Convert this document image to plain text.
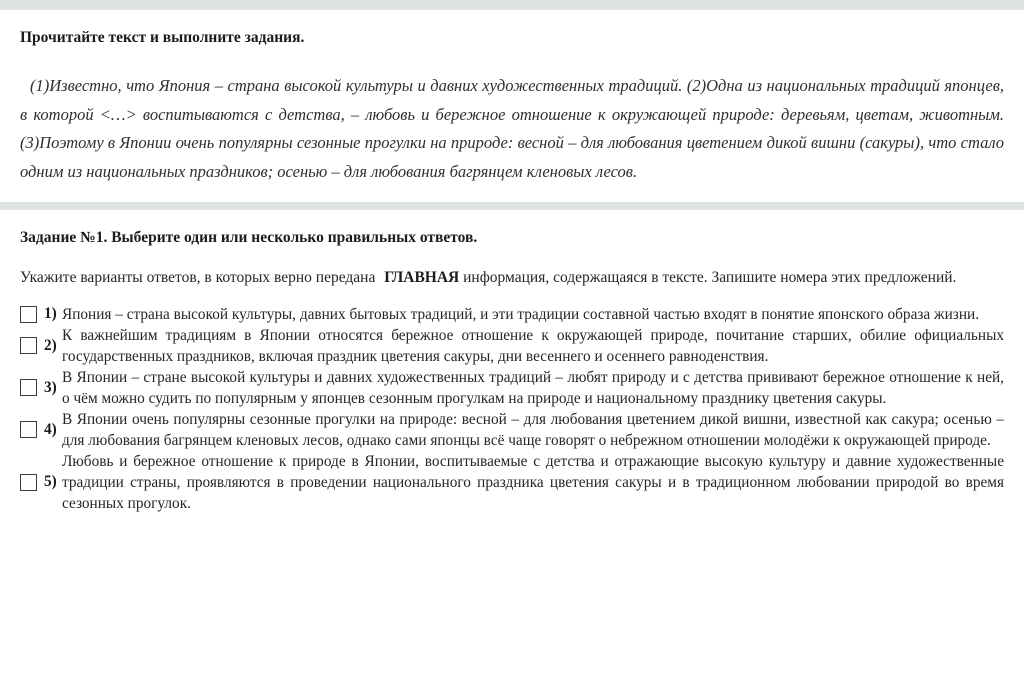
Прочитайте текст и выполните задания.

(1)Известно, что Япония – страна высокой культуры и давних художественных традиций. (2)Одна из национальных традиций японцев, в которой <…> воспитываются с детства, – любовь и бережное отношение к окружающей природе: деревьям, цветам, животным. (3)Поэтому в Японии очень популярны сезонные прогулки на природе: весной – для любования цветением дикой вишни (сакуры), что стало одним из национальных праздников; осенью – для любования багрянцем кленовых лесов.

Задание №1. Выберите один или несколько правильных ответов.

Укажите варианты ответов, в которых верно передана ГЛАВНАЯ информация, содержащаяся в тексте. Запишите номера этих предложений.

1) Япония – страна высокой культуры, давних бытовых традиций, и эти традиции составной частью входят в понятие японского образа жизни.
2)
К важнейшим традициям в Японии относятся бережное отношение к окружающей природе, почитание старших, обилие официальных государственных праздников, включая праздник цветения сакуры, дни весеннего и осеннего равноденствия.
3)
В Японии – стране высокой культуры и давних художественных традиций – любят природу и с детства прививают бережное отношение к ней, о чём можно судить по популярным у японцев сезонным прогулкам на природе и национальному празднику цветения сакуры.
4)
В Японии очень популярны сезонные прогулки на природе: весной – для любования цветением дикой вишни, известной как сакура; осенью – для любования багрянцем кленовых лесов, однако сами японцы всё чаще говорят о небрежном отношении молодёжи к окружающей природе.
5)
Любовь и бережное отношение к природе в Японии, воспитываемые с детства и отражающие высокую культуру и давние художественные традиции страны, проявляются в проведении национального праздника цветения сакуры и в традиционном любовании природой во время сезонных прогулок.
